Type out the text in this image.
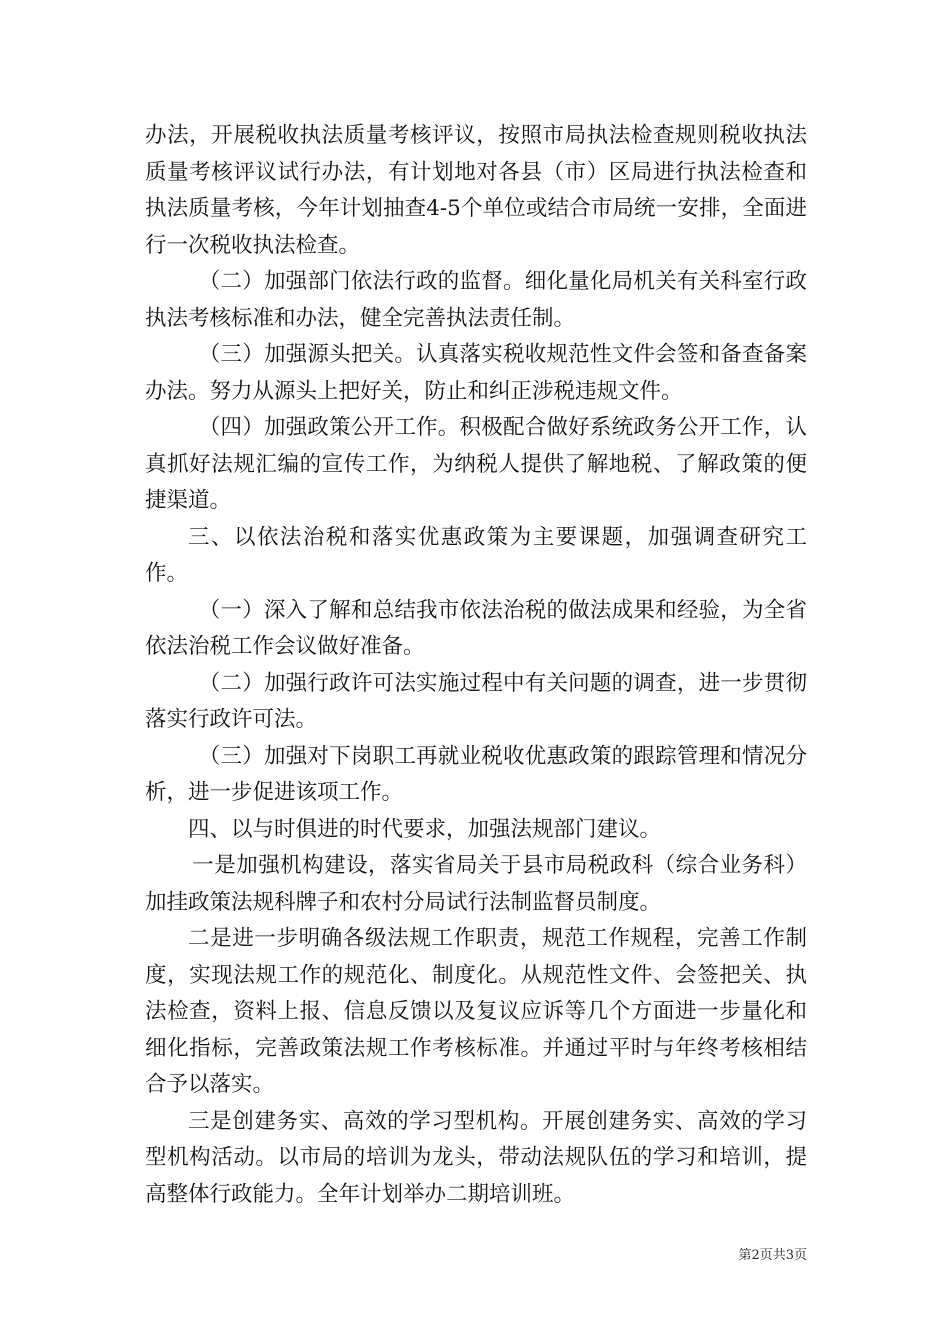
办法，开展税收执法质量考核评议，按照市局执法检查规则税收执法质量考核评议试行办法，有计划地对各县（市）区局进行执法检查和执法质量考核，今年计划抽查4-5个单位或结合市局统一安排，全面进行一次税收执法检查。

（二）加强部门依法行政的监督。细化量化局机关有关科室行政执法考核标准和办法，健全完善执法责任制。

（三）加强源头把关。认真落实税收规范性文件会签和备查备案办法。努力从源头上把好关，防止和纠正涉税违规文件。

（四）加强政策公开工作。积极配合做好系统政务公开工作，认真抓好法规汇编的宣传工作，为纳税人提供了解地税、了解政策的便捷渠道。

三、以依法治税和落实优惠政策为主要课题，加强调查研究工作。

（一）深入了解和总结我市依法治税的做法成果和经验，为全省依法治税工作会议做好准备。

（二）加强行政许可法实施过程中有关问题的调查，进一步贯彻落实行政许可法。

（三）加强对下岗职工再就业税收优惠政策的跟踪管理和情况分析，进一步促进该项工作。

四、以与时俱进的时代要求，加强法规部门建议。

一是加强机构建设，落实省局关于县市局税政科（综合业务科）加挂政策法规科牌子和农村分局试行法制监督员制度。

二是进一步明确各级法规工作职责，规范工作规程，完善工作制度，实现法规工作的规范化、制度化。从规范性文件、会签把关、执法检查，资料上报、信息反馈以及复议应诉等几个方面进一步量化和细化指标，完善政策法规工作考核标准。并通过平时与年终考核相结合予以落实。

三是创建务实、高效的学习型机构。开展创建务实、高效的学习型机构活动。以市局的培训为龙头，带动法规队伍的学习和培训，提高整体行政能力。全年计划举办二期培训班。

第2页共3页
